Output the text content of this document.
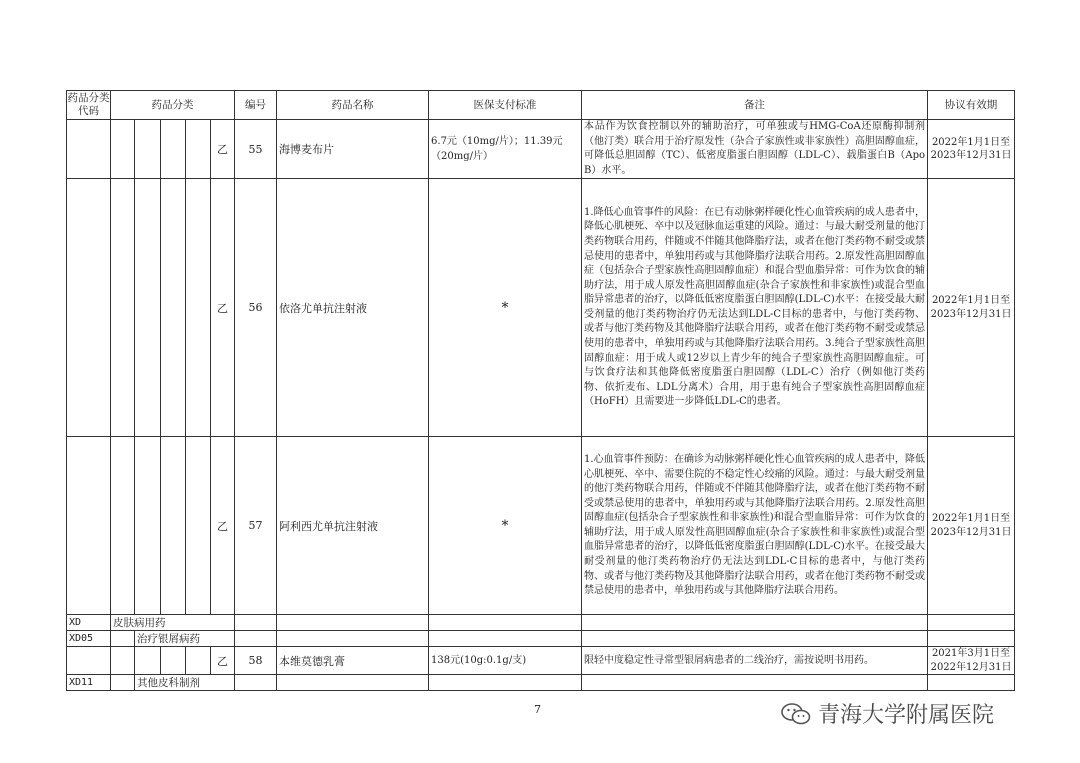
药品分类代码	药品分类					编号	药品名称	医保支付标准	备注	协议有效期
					乙	55	海博麦布片	6.7元（10mg/片）；11.39元（20mg/片）	本品作为饮食控制以外的辅助治疗，可单独或与HMG-CoA还原酶抑制剂（他汀类）联合用于治疗原发性（杂合子家族性或非家族性）高胆固醇血症，可降低总胆固醇（TC）、低密度脂蛋白胆固醇（LDL-C）、载脂蛋白B（Apo B）水平。	2022年1月1日至2023年12月31日
					乙	56	依洛尤单抗注射液	*	1.降低心血管事件的风险：在已有动脉粥样硬化性心血管疾病的成人患者中，降低心肌梗死、卒中以及冠脉血运重建的风险。通过：与最大耐受剂量的他汀类药物联合用药，伴随或不伴随其他降脂疗法，或者在他汀类药物不耐受或禁忌使用的患者中，单独用药或与其他降脂疗法联合用药。2.原发性高胆固醇血症（包括杂合子型家族性高胆固醇血症）和混合型血脂异常：可作为饮食的辅助疗法，用于成人原发性高胆固醇血症(杂合子家族性和非家族性)或混合型血脂异常患者的治疗，以降低低密度脂蛋白胆固醇(LDL-C)水平：在接受最大耐受剂量的他汀类药物治疗仍无法达到LDL-C目标的患者中，与他汀类药物、或者与他汀类药物及其他降脂疗法联合用药，或者在他汀类药物不耐受或禁忌使用的患者中，单独用药或与其他降脂疗法联合用药。3.纯合子型家族性高胆固醇血症：用于成人或12岁以上青少年的纯合子型家族性高胆固醇血症。可与饮食疗法和其他降低密度脂蛋白胆固醇（LDL-C）治疗（例如他汀类药物、依折麦布、LDL分离术）合用，用于患有纯合子型家族性高胆固醇血症（HoFH）且需要进一步降低LDL-C的患者。	2022年1月1日至2023年12月31日
					乙	57	阿利西尤单抗注射液	*	1.心血管事件预防：在确诊为动脉粥样硬化性心血管疾病的成人患者中，降低心肌梗死、卒中、需要住院的不稳定性心绞痛的风险。通过：与最大耐受剂量的他汀类药物联合用药，伴随或不伴随其他降脂疗法，或者在他汀类药物不耐受或禁忌使用的患者中，单独用药或与其他降脂疗法联合用药。2.原发性高胆固醇血症(包括杂合子型家族性和非家族性)和混合型血脂异常：可作为饮食的辅助疗法，用于成人原发性高胆固醇血症(杂合子家族性和非家族性)或混合型血脂异常患者的治疗，以降低低密度脂蛋白胆固醇(LDL-C)水平。在接受最大耐受剂量的他汀类药物治疗仍无法达到LDL-C目标的患者中，与他汀类药物、或者与他汀类药物及其他降脂疗法联合用药，或者在他汀类药物不耐受或禁忌使用的患者中，单独用药或与其他降脂疗法联合用药。	2022年1月1日至2023年12月31日
XD	皮肤病用药									
XD05		治疗银屑病药								
					乙	58	本维莫德乳膏	138元(10g:0.1g/支)	限轻中度稳定性寻常型银屑病患者的二线治疗，需按说明书用药。	2021年3月1日至2022年12月31日
XD11		其他皮科制剂								
7	青海大学附属医院
